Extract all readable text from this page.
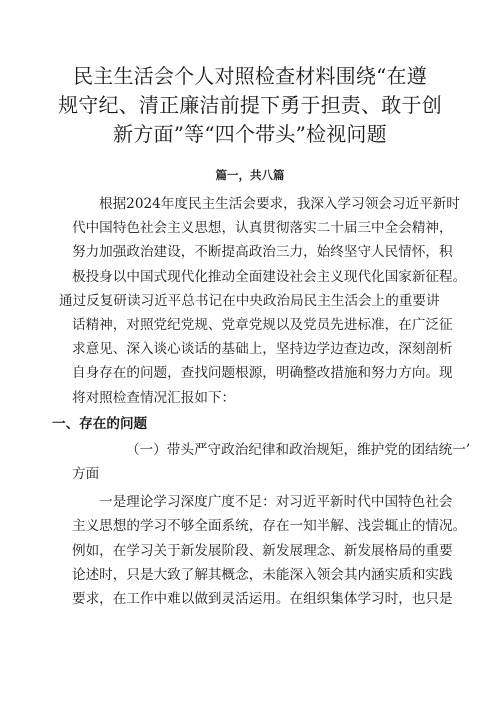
民主生活会个人对照检查材料围绕“在遵
规守纪、清正廉洁前提下勇于担责、敢于创
新方面”等“四个带头”检视问题
篇一，共八篇
根据2024年度民主生活会要求，我深入学习领会习近平新时
代中国特色社会主义思想，认真贯彻落实二十届三中全会精神，
努力加强政治建设，不断提高政治三力，始终坚守人民情怀，积
极投身以中国式现代化推动全面建设社会主义现代化国家新征程。
通过反复研读习近平总书记在中央政治局民主生活会上的重要讲
话精神，对照党纪党规、党章党规以及党员先进标准，在广泛征
求意见、深入谈心谈话的基础上，坚持边学边查边改，深刻剖析
自身存在的问题，查找问题根源，明确整改措施和努力方向。现
将对照检查情况汇报如下：
一、存在的问题
（一）带头严守政治纪律和政治规矩，维护党的团结统一’
方面
一是理论学习深度广度不足：对习近平新时代中国特色社会
主义思想的学习不够全面系统，存在一知半解、浅尝辄止的情况。
例如，在学习关于新发展阶段、新发展理念、新发展格局的重要
论述时，只是大致了解其概念，未能深入领会其内涵实质和实践
要求，在工作中难以做到灵活运用。在组织集体学习时，也只是
